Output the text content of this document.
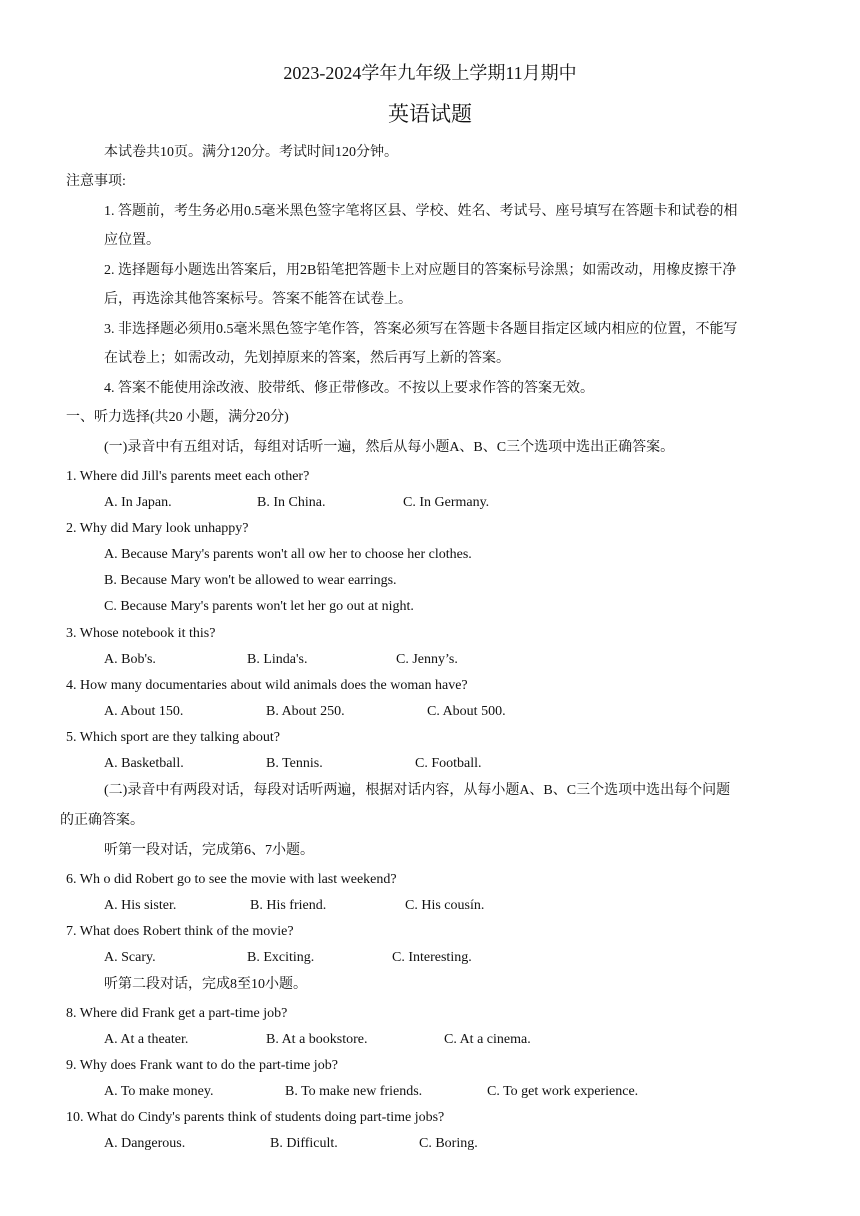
2023-2024学年九年级上学期11月期中
英语试题
本试卷共10页。满分120分。考试时间120分钟。
注意事项:
1. 答题前，考生务必用0.5毫米黑色签字笔将区县、学校、姓名、考试号、座号填写在答题卡和试卷的相
应位置。
2. 选择题每小题选出答案后，用2B铅笔把答题卡上对应题目的答案标号涂黑；如需改动，用橡皮擦干净
后，再选涂其他答案标号。答案不能答在试卷上。
3. 非选择题必须用0.5毫米黑色签字笔作答，答案必须写在答题卡各题目指定区域内相应的位置，不能写
在试卷上；如需改动，先划掉原来的答案，然后再写上新的答案。
4. 答案不能使用涂改液、胶带纸、修正带修改。不按以上要求作答的答案无效。
一、听力选择(共20 小题，满分20分)
(一)录音中有五组对话，每组对话听一遍，然后从每小题A、B、C三个选项中选出正确答案。
1. Where did Jill's parents meet each other?
A. In Japan.	B. In China.	C. In Germany.
2. Why did Mary look unhappy?
A. Because Mary's parents won't all ow her to choose her clothes.
B. Because Mary won't be allowed to wear earrings.
C. Because Mary's parents won't let her go out at night.
3. Whose notebook it this?
A. Bob's.	B. Linda's.	C. Jenny’s.
4. How many documentaries about wild animals does the woman have?
A. About 150.	B. About 250.	C. About 500.
5. Which sport are they talking about?
A. Basketball.	B. Tennis.	C. Football.
(二)录音中有两段对话，每段对话听两遍，根据对话内容，从每小题A、B、C三个选项中选出每个问题
的正确答案。
听第一段对话，完成第6、7小题。
6. Wh o did Robert go to see the movie with last weekend?
A. His sister.	B. His friend.	C. His cousín.
7. What does Robert think of the movie?
A. Scary.	B. Exciting.	C. Interesting.
听第二段对话，完成8至10小题。
8. Where did Frank get a part-time job?
A. At a theater.	B. At a bookstore.	C. At a cinema.
9. Why does Frank want to do the part-time job?
A. To make money.	B. To make new friends.	C. To get work experience.
10. What do Cindy's parents think of students doing part-time jobs?
A. Dangerous.	B. Difficult.	C. Boring.
